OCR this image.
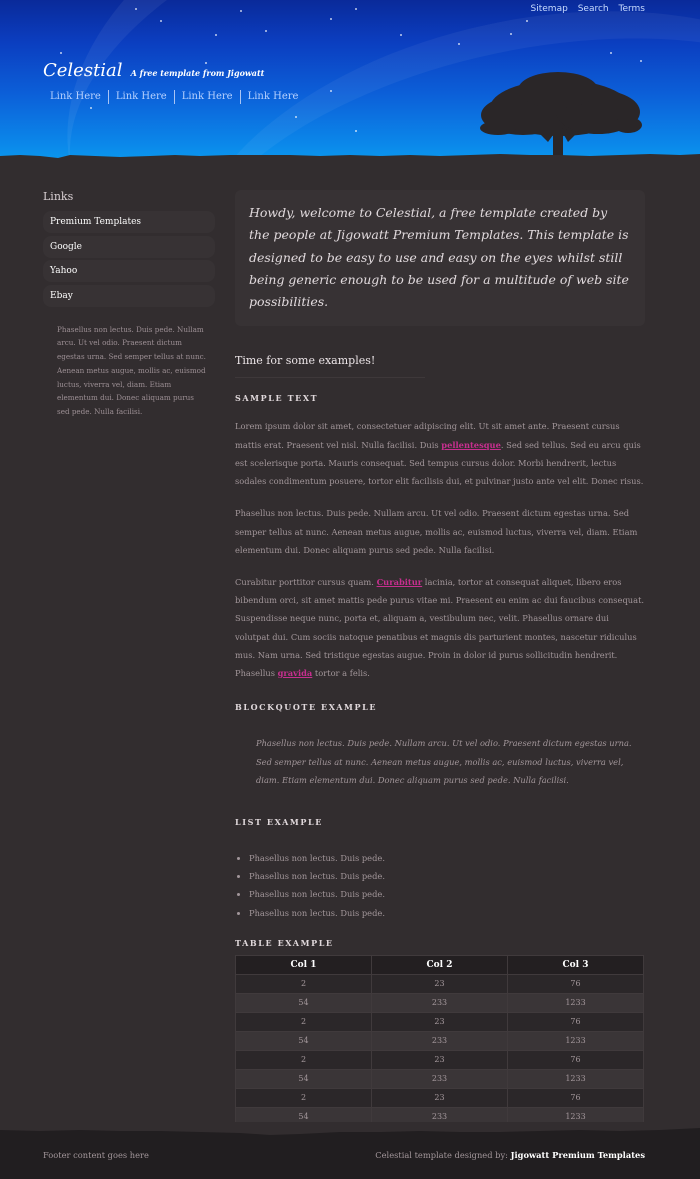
Sitemap Search Terms
Celestial A free template from Jigowatt
Link Here	Link Here	Link Here	Link Here
Links
Premium Templates
Google
Yahoo
Ebay

Phasellus non lectus. Duis pede. Nullam arcu. Ut vel odio. Praesent dictum egestas urna. Sed semper tellus at nunc. Aenean metus augue, mollis ac, euismod luctus, viverra vel, diam. Etiam elementum dui. Donec aliquam purus sed pede. Nulla facilisi.

Howdy, welcome to Celestial, a free template created by the people at Jigowatt Premium Templates. This template is designed to be easy to use and easy on the eyes whilst still being generic enough to be used for a multitude of web site possibilities.
Time for some examples!
SAMPLE TEXT

Lorem ipsum dolor sit amet, consectetuer adipiscing elit. Ut sit amet ante. Praesent cursus mattis erat. Praesent vel nisl. Nulla facilisi. Duis pellentesque. Sed sed tellus. Sed eu arcu quis est scelerisque porta. Mauris consequat. Sed tempus cursus dolor. Morbi hendrerit, lectus sodales condimentum posuere, tortor elit facilisis dui, et pulvinar justo ante vel elit. Donec risus.

Phasellus non lectus. Duis pede. Nullam arcu. Ut vel odio. Praesent dictum egestas urna. Sed semper tellus at nunc. Aenean metus augue, mollis ac, euismod luctus, viverra vel, diam. Etiam elementum dui. Donec aliquam purus sed pede. Nulla facilisi.

Curabitur porttitor cursus quam. Curabitur lacinia, tortor at consequat aliquet, libero eros bibendum orci, sit amet mattis pede purus vitae mi. Praesent eu enim ac dui faucibus consequat. Suspendisse neque nunc, porta et, aliquam a, vestibulum nec, velit. Phasellus ornare dui volutpat dui. Cum sociis natoque penatibus et magnis dis parturient montes, nascetur ridiculus mus. Nam urna. Sed tristique egestas augue. Proin in dolor id purus sollicitudin hendrerit. Phasellus gravida tortor a felis.

BLOCKQUOTE EXAMPLE
Phasellus non lectus. Duis pede. Nullam arcu. Ut vel odio. Praesent dictum egestas urna. Sed semper tellus at nunc. Aenean metus augue, mollis ac, euismod luctus, viverra vel, diam. Etiam elementum dui. Donec aliquam purus sed pede. Nulla facilisi.
LIST EXAMPLE
• Phasellus non lectus. Duis pede.
• Phasellus non lectus. Duis pede.
• Phasellus non lectus. Duis pede.
• Phasellus non lectus. Duis pede.
TABLE EXAMPLE
Col 1	Col 2	Col 3
2	23	76
54	233	1233
2	23	76
54	233	1233
2	23	76
54	233	1233
2	23	76
54	233	1233
Footer content goes here	Celestial template designed by: Jigowatt Premium Templates
